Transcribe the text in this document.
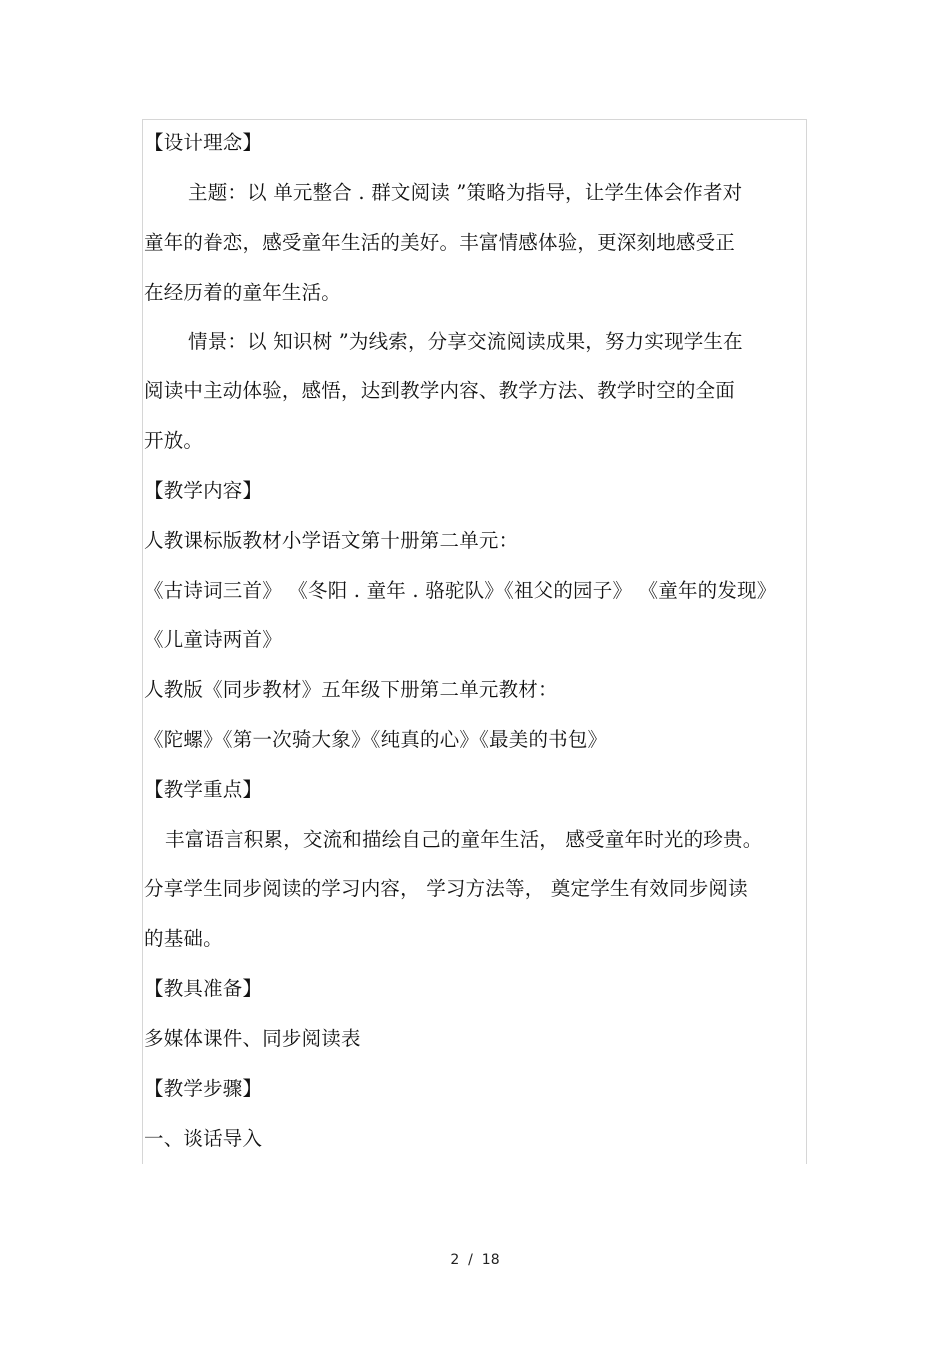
【设计理念】
主题：以 单元整合 . 群文阅读 ”策略为指导，让学生体会作者对
童年的眷恋，感受童年生活的美好。丰富情感体验，更深刻地感受正
在经历着的童年生活。
情景：以 知识树 ”为线索，分享交流阅读成果，努力实现学生在
阅读中主动体验，感悟，达到教学内容、教学方法、教学时空的全面
开放。
【教学内容】
人教课标版教材小学语文第十册第二单元：
《古诗词三首》 《冬阳 . 童年 . 骆驼队》《祖父的园子》 《童年的发现》
《儿童诗两首》
人教版《同步教材》五年级下册第二单元教材：
《陀螺》《第一次骑大象》《纯真的心》《最美的书包》
【教学重点】
丰富语言积累，交流和描绘自己的童年生活， 感受童年时光的珍贵。
分享学生同步阅读的学习内容， 学习方法等， 奠定学生有效同步阅读
的基础。
【教具准备】
多媒体课件、同步阅读表
【教学步骤】
一、谈话导入
2  /  18
